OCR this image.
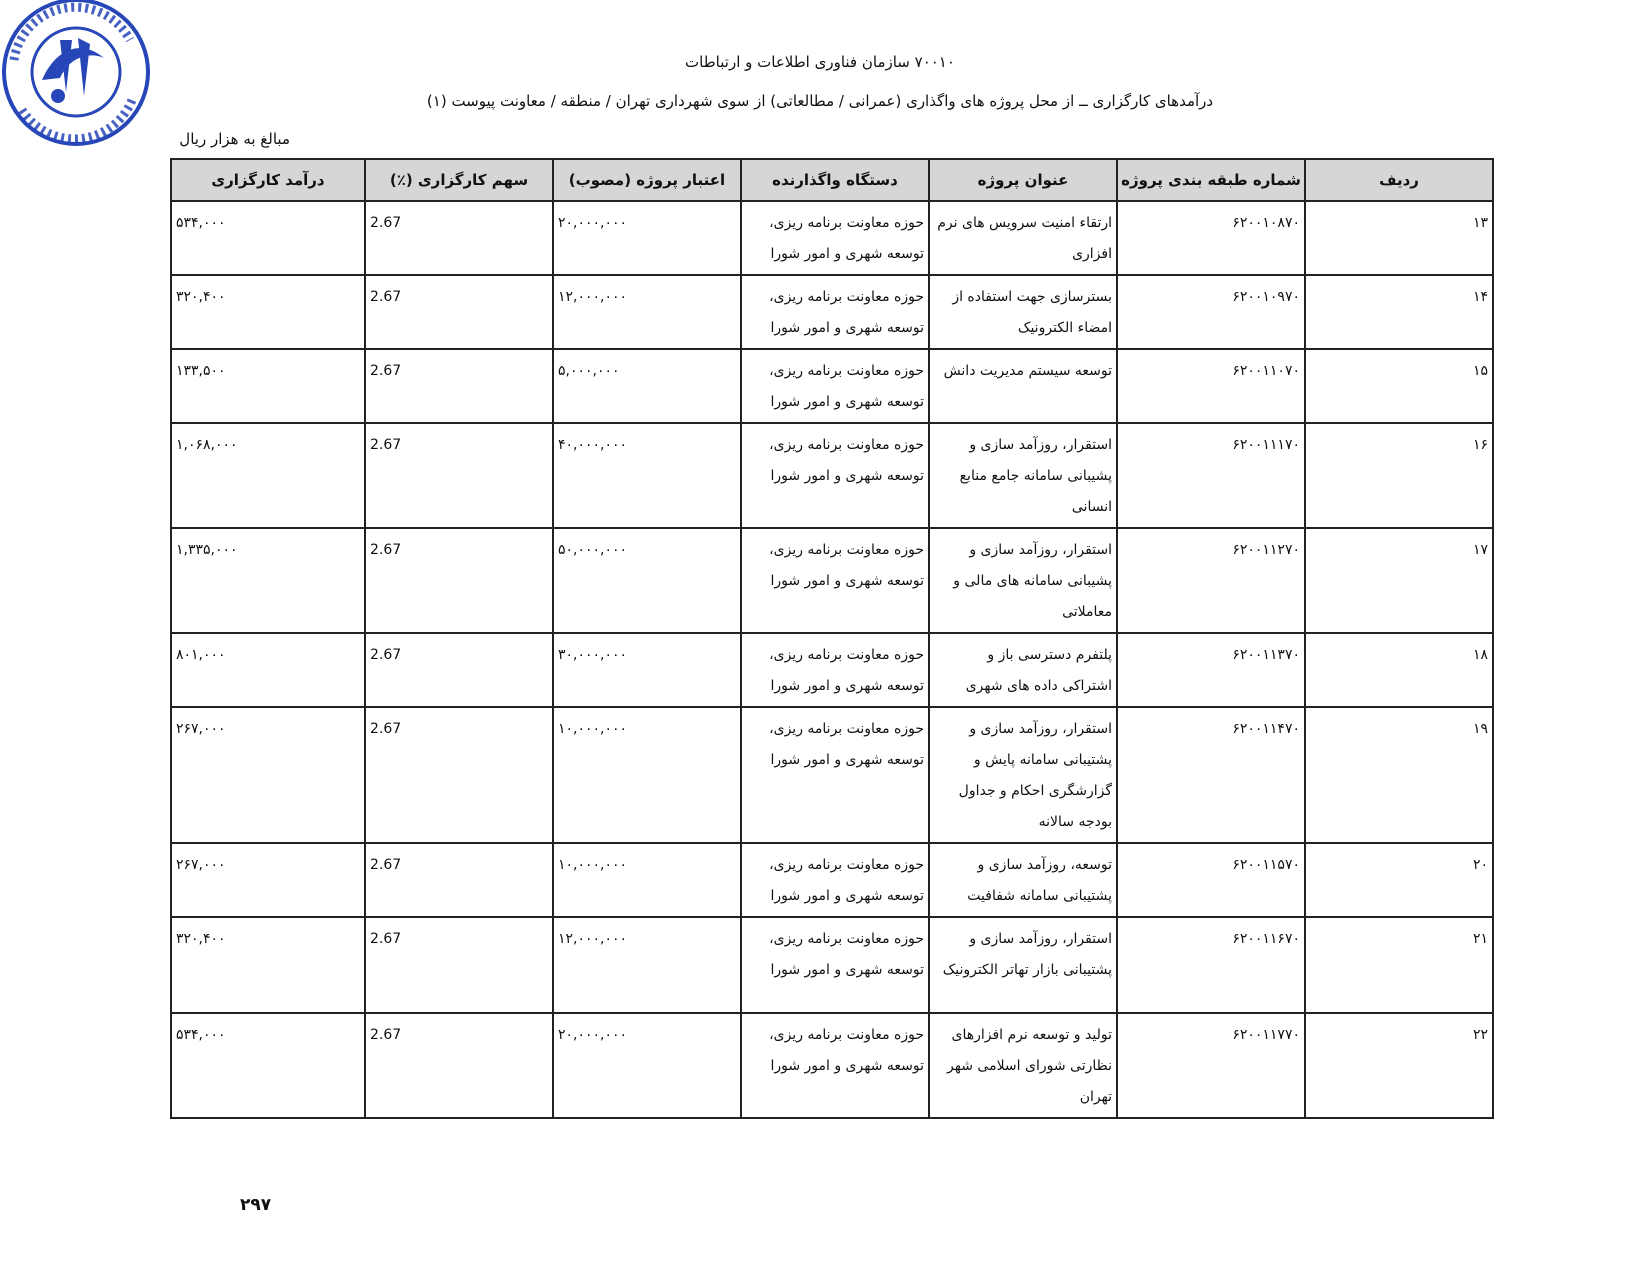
۷۰۰۱۰ سازمان فناوری اطلاعات و ارتباطات
درآمدهای کارگزاری ــ از محل پروژه های واگذاری (عمرانی / مطالعاتی) از سوی شهرداری تهران / منطقه / معاونت پیوست (۱)
مبالغ به هزار ریال
ردیف	شماره طبقه بندی پروژه	عنوان پروژه	دستگاه واگذارنده	اعتبار پروژه (مصوب)	سهم کارگزاری (٪)	درآمد کارگزاری
۱۳	۶۲۰۰۱۰۸۷۰	ارتقاء امنیت سرویس های نرم افزاری	حوزه معاونت برنامه ریزی، توسعه شهری و امور شورا	۲۰,۰۰۰,۰۰۰	2.67	۵۳۴,۰۰۰
۱۴	۶۲۰۰۱۰۹۷۰	بسترسازی جهت استفاده از امضاء الکترونیک	حوزه معاونت برنامه ریزی، توسعه شهری و امور شورا	۱۲,۰۰۰,۰۰۰	2.67	۳۲۰,۴۰۰
۱۵	۶۲۰۰۱۱۰۷۰	توسعه سیستم مدیریت دانش	حوزه معاونت برنامه ریزی، توسعه شهری و امور شورا	۵,۰۰۰,۰۰۰	2.67	۱۳۳,۵۰۰
۱۶	۶۲۰۰۱۱۱۷۰	استقرار، روزآمد سازی و پشیبانی سامانه جامع منابع انسانی	حوزه معاونت برنامه ریزی، توسعه شهری و امور شورا	۴۰,۰۰۰,۰۰۰	2.67	۱,۰۶۸,۰۰۰
۱۷	۶۲۰۰۱۱۲۷۰	استقرار، روزآمد سازی و پشیبانی سامانه های مالی و معاملاتی	حوزه معاونت برنامه ریزی، توسعه شهری و امور شورا	۵۰,۰۰۰,۰۰۰	2.67	۱,۳۳۵,۰۰۰
۱۸	۶۲۰۰۱۱۳۷۰	پلتفرم دسترسی باز و اشتراکی داده های شهری	حوزه معاونت برنامه ریزی، توسعه شهری و امور شورا	۳۰,۰۰۰,۰۰۰	2.67	۸۰۱,۰۰۰
۱۹	۶۲۰۰۱۱۴۷۰	استقرار، روزآمد سازی و پشتیبانی سامانه پایش و گزارشگری احکام و جداول بودجه سالانه	حوزه معاونت برنامه ریزی، توسعه شهری و امور شورا	۱۰,۰۰۰,۰۰۰	2.67	۲۶۷,۰۰۰
۲۰	۶۲۰۰۱۱۵۷۰	توسعه، روزآمد سازی و پشتیبانی سامانه شفافیت	حوزه معاونت برنامه ریزی، توسعه شهری و امور شورا	۱۰,۰۰۰,۰۰۰	2.67	۲۶۷,۰۰۰
۲۱	۶۲۰۰۱۱۶۷۰	استقرار، روزآمد سازی و پشتیبانی بازار تهاتر الکترونیک	حوزه معاونت برنامه ریزی، توسعه شهری و امور شورا	۱۲,۰۰۰,۰۰۰	2.67	۳۲۰,۴۰۰
۲۲	۶۲۰۰۱۱۷۷۰	تولید و توسعه نرم افزارهای نظارتی شورای اسلامی شهر تهران	حوزه معاونت برنامه ریزی، توسعه شهری و امور شورا	۲۰,۰۰۰,۰۰۰	2.67	۵۳۴,۰۰۰
۲۹۷
